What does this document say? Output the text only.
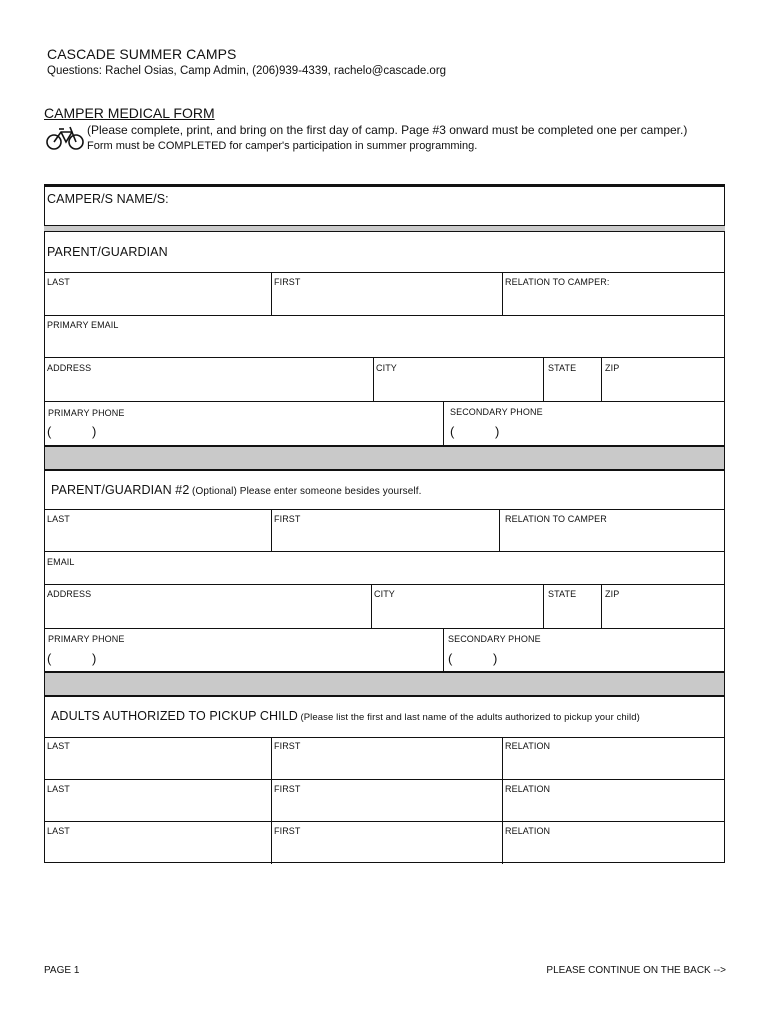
CASCADE SUMMER CAMPS
Questions: Rachel Osias, Camp Admin, (206)939-4339, rachelo@cascade.org
CAMPER MEDICAL FORM
(Please complete, print, and bring on the first day of camp. Page #3 onward must be completed one per camper.)
Form must be COMPLETED for camper's participation in summer programming.
CAMPER/S NAME/S:
PARENT/GUARDIAN
LAST	FIRST	RELATION TO CAMPER:
PRIMARY EMAIL
ADDRESS	CITY	STATE	ZIP
PRIMARY PHONE
(	)
SECONDARY PHONE
(	)
PARENT/GUARDIAN #2 (Optional) Please enter someone besides yourself.
LAST	FIRST	RELATION TO CAMPER
EMAIL
ADDRESS	CITY	STATE	ZIP
PRIMARY PHONE
(	)
SECONDARY PHONE
(	)
ADULTS AUTHORIZED TO PICKUP CHILD (Please list the first and last name of the adults authorized to pickup your child)
LAST	FIRST	RELATION
LAST	FIRST	RELATION
LAST	FIRST	RELATION
PAGE 1	PLEASE CONTINUE ON THE BACK -->
